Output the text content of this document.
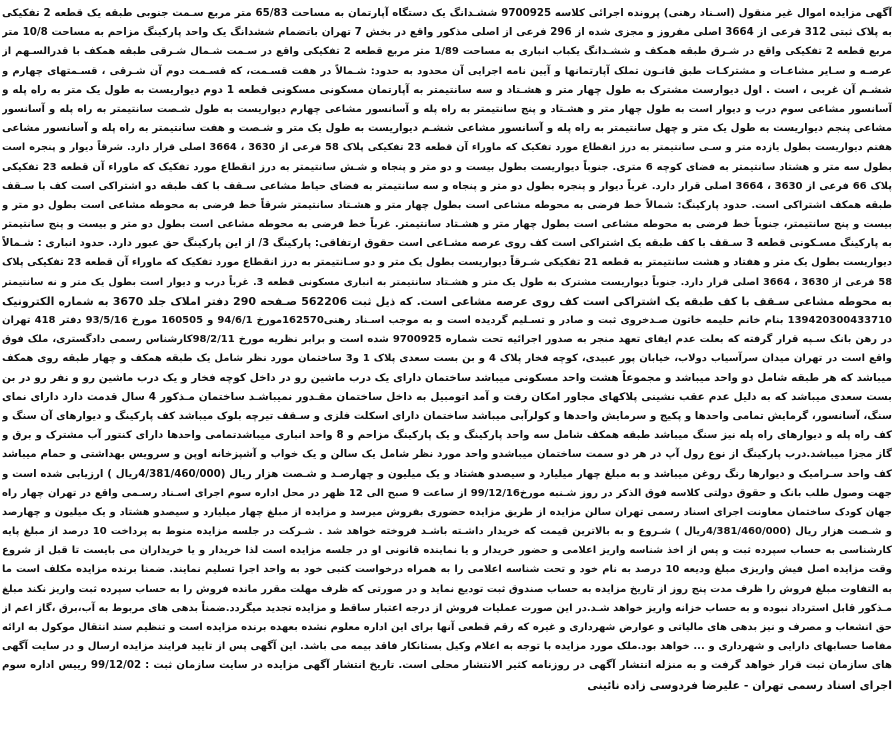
آگهی مزایده اموال غیر منقول (اسـناد رهنی) پرونده اجرائی کلاسه 9700925 ششـدانگ یک دستگاه آپارتمان به مساحت 65/83 متر مربع سـمت جنوبی طبقه یک قطعه 2 تفکیکی
به پلاک ثبتی 312 فرعی از 3664 اصلی مفروز و مجزی شده از 296 فرعی از اصلی مذکور واقع در بخش 7 تهران باتضمام ششدانگ یک واحد پارکینگ مزاحم به مساحت 10/8 متر
مربع قطعه 2 تفکیکی واقع در شـرق طبقه همکف و ششـدانگ یکباب انباری به مساحت 1/89 متر مربع قطعه 2 تفکیکی واقع در سـمت شـمال شـرقی طبقه همکف با قدرالسـهم از
عرصـه و سـایر مشاعـات و مشتركـات طبق قانـون تملک آپارتمانها و آیین نامه اجرایی آن محدود به حدود: شـمالاً در هفت قسـمت، که قسـمت دوم آن شـرقی ، قسـمتهای چهارم و
ششـم آن غربی ، است . اول دیوارست مشترک به طول چهار متر و هشـتاد و سه سانتیمتر به آپارتمان مسکونی مسکونی قطعه 1 دوم دیواریست به طول یک متر به راه پله و
آسانسور مشاعی سوم درب و دیوار است به طول چهار متر و هشـتاد و پنج سانتیمتر به راه پله و آسانسور مشاعی چهارم دیواریست به طول شـصت سانتیمتر به راه پله و آسانسور
مشاعی پنجم دیواریست به طول یک متر و چهل سانتیمتر به راه پله و آسانسور مشاعی ششـم دیواریست به طول یک متر و شـصت و هفت سانتیمتر به راه پله و آسانسور مشاعی
هفتم دیواریست بطول یازده متر و سـی سانتیمتر به درز انقطاع مورد تفکیک که ماوراء آن قطعه 23 تفکیکی پلاک 58 فرعی از 3630 ، 3664 اصلی قرار دارد. شرقاً دیوار و پنجره است
بطول سه متر و هشتاد سانتیمتر به فضای کوچه 6 متری. جنوباً دیواریست بطول بیست و دو متر و پنجاه و شـش سانتیمتر به درز انقطاع مورد تفکیک که ماوراء آن قطعه 23 تفکیکی
پلاک 66 فرعی از 3630 ، 3664 اصلی قرار دارد. غرباً دیوار و پنجره بطول دو متر و پنجاه و سه سانتیمتر به فضای حیاط مشاعی سـقف با کف طبقه دو اشتراکی است کف با سـقف
طبقه همکف اشتراکی است. حدود پارکینگ: شمالاً خط فرضی به محوطه مشاعی است بطول چهار متر و هشـتاد سانتیمتر شرقاً خط فرضی به محوطه مشاعی است بطول دو متر و
بیست و پنج سانتیمتر، جنوباً خط فرضی به محوطه مشاعی است بطول چهار متر و هشـتاد سانتیمتر. غرباً خط فرضی به محوطه مشاعی است بطول دو متر و بیست و پنج سانتیمتر
به پارکینگ مسـکونی قطعه 3 سـقف با کف طبقه یک اشتراکی است کف روی عرصه مشـاعی است حقوق ارتفاقی: پارکینگ 3/ از این پارکینگ حق عبور دارد. حدود انباری : شـمالاً
دیواریست بطول یک متر و هفتاد و هشت سانتیمتر به قطعه 21 تفکیکی شـرقاً دیواریست بطول یک متر و دو سـانتیمتر به درز انقطاع مورد تفکیک که ماوراء آن قطعه 23 تفکیکی پلاک
58 فرعی از 3630 ، 3664 اصلی قرار دارد. جنوباً دیواریست مشترک به طول یک متر و هشـتاد سانتیمتر به انباری مسکونی قطعه 3. غرباً درب و دیوار است بطول یک متر و نه سانتیمتر
به محوطه مشاعی سـقف با کف طبقه یک اشتراکی است کف روی عرصه مشاعی است. که ذیل ثبت 562206 صـفحه 290 دفتر املاک جلد 3670 به شماره الکترونیک
139420300433710 بنام خانم حلیمه خاتون صـدخروی ثبت و صادر و تسـلیم گردیده است و به موجب اسـناد رهنی162570مورخ 94/6/1 و 160505 مورخ 93/5/16 دفتر 418 تهران
در رهن بانک سـپه قرار گرفته که بعلت عدم ایفای تعهد منجر به صدور اجرائیه تحت شماره 9700925 شده است و برابر نظریه مورخ 98/2/11کارشناس رسمی دادگستری، ملک فوق
واقع است در تهران میدان سرآسیاب دولاب، خیابان پور عبیدی، کوچه فخار پلاک 4 و بن بست سعدی پلاک 1 و3 ساختمان مورد نظر شامل یک طبقه همکف و چهار طبقه روی همکف
میباشد که هر طبقه شامل دو واحد میباشد و مجموعاً هشت واحد مسکونی میباشد ساختمان دارای یک درب ماشین رو در داخل کوچه فخار و یک درب ماشین رو و نفر رو در بن
بست سعدی میباشد که به دلیل عدم عقب نشینی پلاکهای مجاور امکان رفت و آمد اتومبیل به داخل ساختمان مقـدور نمیباشـد ساختمان مـذكور 4 سال قدمت دارد دارای نمای
سنگ، آسانسور، گرمایش تمامی واحدها و پکیج و سرمایش واحدها و کولرآبی میباشد ساختمان دارای اسکلت فلزی و سـقف تیرچه بلوک میباشد کف پارکینگ و دیوارهای آن سنگ و
کف راه پله و دیوارهای راه پله نیز سنگ میباشد طبقه همکف شامل سه واحد پارکینگ و یک پارکینگ مزاحم و 8 واحد انباری میباشدتمامی واحدها دارای کنتور آب مشترک و برق و
گاز مجزا میباشد.درب پارکینگ از نوع رول آپ در هر دو سمت ساختمان میباشدو واحد مورد نظر شامل یک سالن و یک خواب و آشپزخانه اوپن و سرویس بهداشتی و حمام میباشد
کف واحد سـرامیک و دیوارها رنگ روغن میباشد و به مبلغ چهار میلیارد و سیصدو هشتاد و یک میلیون و چهارصـد و شـصت هزار ریال (4/381/460/000ریال ) ارزیابی شده است و
جهت وصول طلب بانک و حقوق دولتی کلاسه فوق الذکر در روز شـنبه مورخ99/12/16 از ساعت 9 صبح الی 12 ظهر در محل اداره سوم اجرای اسـناد رسـمی واقع در تهران چهار راه
جهان کودک ساختمان معاونت اجرای اسناد رسمی تهران سالن مزایده از طریق مزایده حضوری بفروش میرسد و مزایده از مبلغ چهار میلیارد و سیصدو هشتاد و یک میلیون و چهارصد
و شـصت هزار ریال (4/381/460/000ریال ) شـروع و به بالاترین قیمت که خریدار داشـته باشـد فروخته خواهد شد . شـرکت در جلسه مزایده منوط به پرداخت 10 درصد از مبلغ پایه
کارشناسی به حساب سپرده ثبت و پس از اخذ شناسه واریز اعلامی و حضور خریدار و یا نماینده قانونی او در جلسه مزایده است لذا خریدار و یا خریداران می بایست تا قبل از شروع
وقت مزایده اصل فیش واریزی مبلغ ودیعه 10 درصد به نام خود و تحت شناسه اعلامی را به همراه درخواست کتبی خود به واحد اجرا تسلیم نمایند. ضمنا برنده مزایده مکلف است ما
به التفاوت مبلغ فروش را ظرف مدت پنج روز از تاریخ مزایده به حساب صندوق ثبت توديع نمايد و در صورتی که ظرف مهلت مقرر مانده فروش را به حساب سپرده ثبت واریز نکند مبلغ
مـذكور قابل استرداد نبوده و به حساب خزانه واریز خواهد شـد.در این صورت عملیات فروش از درجه اعتبار ساقط و مزایده تجدید میگردد.ضمناً بدهی های مربوط به آب،برق ،گاز اعم از
حق انشعاب و مصرف و نیز بدهی های مالیاتی و عوارض شهرداری و غیره که رقم قطعی آنها برای این اداره معلوم نشده بعهده برنده مزایده است و تنظیم سند انتقال موکول به ارائه
مفاصا حسابهای دارایی و شهرداری و ... خواهد بود.ملک مورد مزایده با توجه به اعلام وکیل بستانکار فاقد بیمه می باشد. این آگهی پس از تایید فرایند مزایده ارسال و در سایت آگهی
های سازمان ثبت قرار خواهد گرفت و به منزله انتشار آگهی در روزنامه کثیر الانتشار محلی است. تاریخ انتشار آگهی مزایده در سایت سازمان ثبت : 99/12/02 رییس اداره سوم
اجرای اسناد رسمی تهران - علیرضا فردوسی زاده نائینی
